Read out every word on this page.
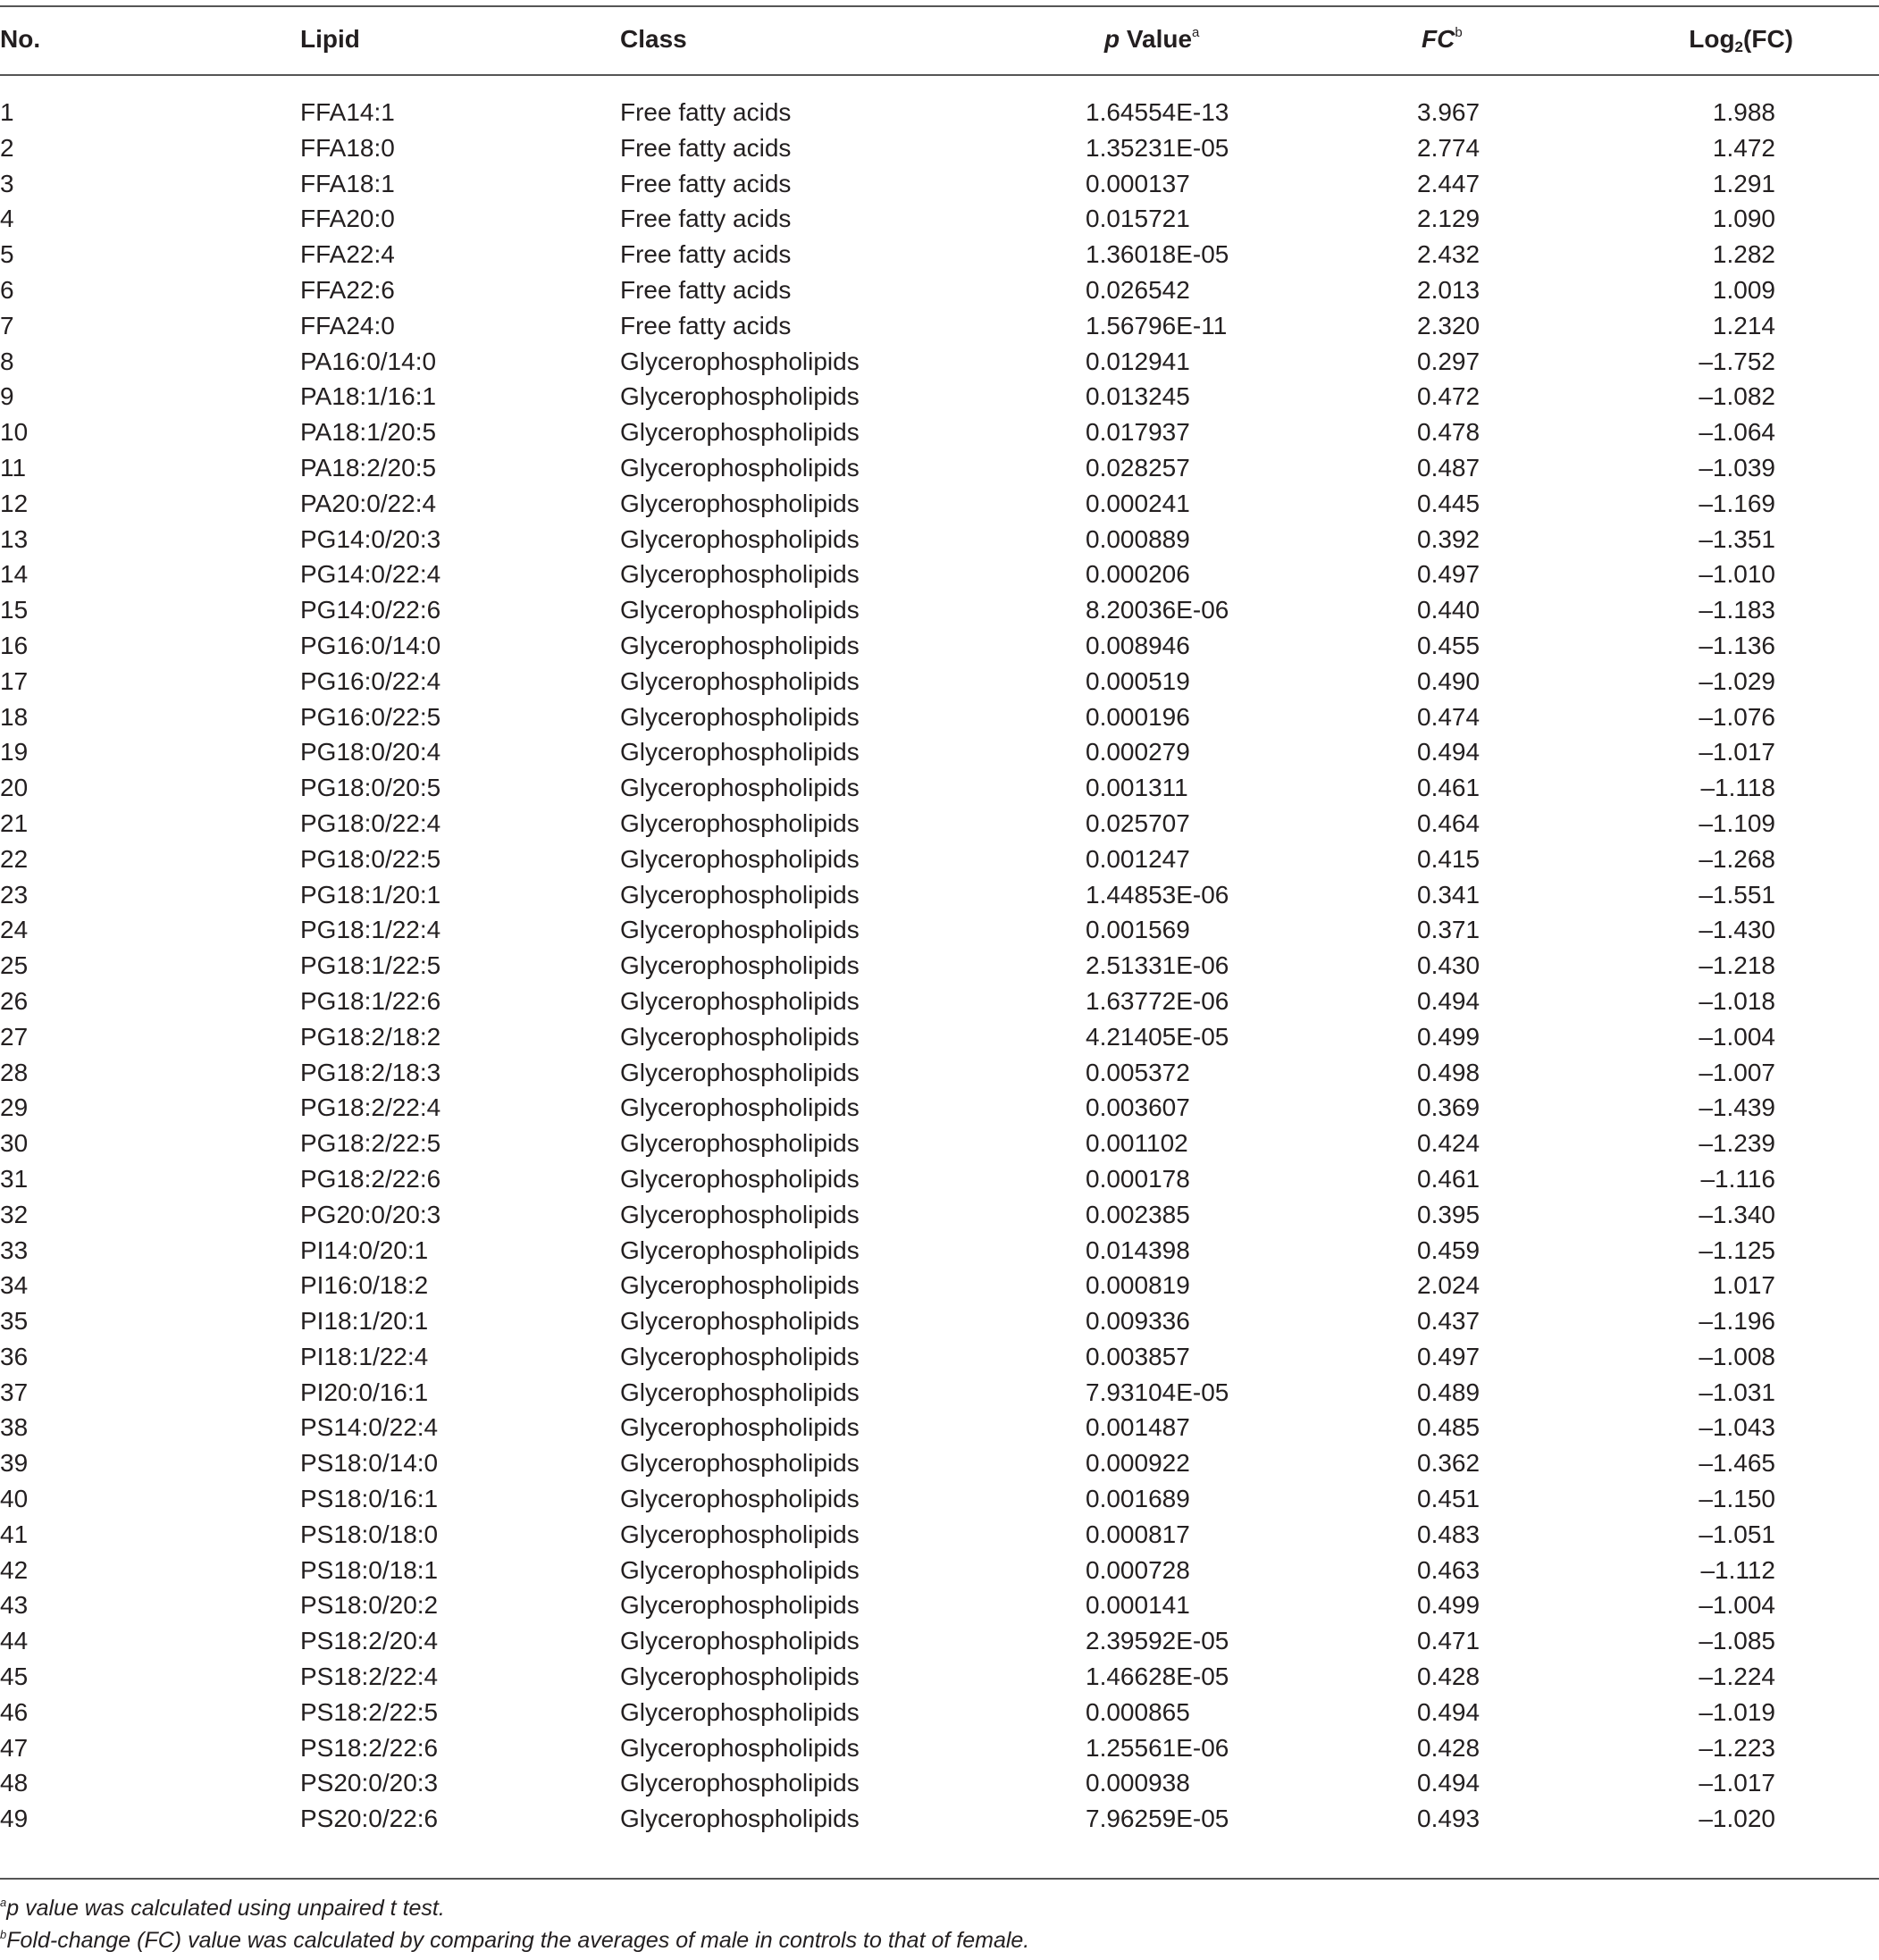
No.	Lipid	Class	p Value$^a$	$FC^b$	Log$_2$(FC)
1	FFA14:1	Free fatty acids	1.64554E-13	3.967	1.988
2	FFA18:0	Free fatty acids	1.35231E-05	2.774	1.472
3	FFA18:1	Free fatty acids	0.000137	2.447	1.291
4	FFA20:0	Free fatty acids	0.015721	2.129	1.090
5	FFA22:4	Free fatty acids	1.36018E-05	2.432	1.282
6	FFA22:6	Free fatty acids	0.026542	2.013	1.009
7	FFA24:0	Free fatty acids	1.56796E-11	2.320	1.214
8	PA16:0/14:0	Glycerophospholipids	0.012941	0.297	–1.752
9	PA18:1/16:1	Glycerophospholipids	0.013245	0.472	–1.082
10	PA18:1/20:5	Glycerophospholipids	0.017937	0.478	–1.064
11	PA18:2/20:5	Glycerophospholipids	0.028257	0.487	–1.039
12	PA20:0/22:4	Glycerophospholipids	0.000241	0.445	–1.169
13	PG14:0/20:3	Glycerophospholipids	0.000889	0.392	–1.351
14	PG14:0/22:4	Glycerophospholipids	0.000206	0.497	–1.010
15	PG14:0/22:6	Glycerophospholipids	8.20036E-06	0.440	–1.183
16	PG16:0/14:0	Glycerophospholipids	0.008946	0.455	–1.136
17	PG16:0/22:4	Glycerophospholipids	0.000519	0.490	–1.029
18	PG16:0/22:5	Glycerophospholipids	0.000196	0.474	–1.076
19	PG18:0/20:4	Glycerophospholipids	0.000279	0.494	–1.017
20	PG18:0/20:5	Glycerophospholipids	0.001311	0.461	–1.118
21	PG18:0/22:4	Glycerophospholipids	0.025707	0.464	–1.109
22	PG18:0/22:5	Glycerophospholipids	0.001247	0.415	–1.268
23	PG18:1/20:1	Glycerophospholipids	1.44853E-06	0.341	–1.551
24	PG18:1/22:4	Glycerophospholipids	0.001569	0.371	–1.430
25	PG18:1/22:5	Glycerophospholipids	2.51331E-06	0.430	–1.218
26	PG18:1/22:6	Glycerophospholipids	1.63772E-06	0.494	–1.018
27	PG18:2/18:2	Glycerophospholipids	4.21405E-05	0.499	–1.004
28	PG18:2/18:3	Glycerophospholipids	0.005372	0.498	–1.007
29	PG18:2/22:4	Glycerophospholipids	0.003607	0.369	–1.439
30	PG18:2/22:5	Glycerophospholipids	0.001102	0.424	–1.239
31	PG18:2/22:6	Glycerophospholipids	0.000178	0.461	–1.116
32	PG20:0/20:3	Glycerophospholipids	0.002385	0.395	–1.340
33	PI14:0/20:1	Glycerophospholipids	0.014398	0.459	–1.125
34	PI16:0/18:2	Glycerophospholipids	0.000819	2.024	1.017
35	PI18:1/20:1	Glycerophospholipids	0.009336	0.437	–1.196
36	PI18:1/22:4	Glycerophospholipids	0.003857	0.497	–1.008
37	PI20:0/16:1	Glycerophospholipids	7.93104E-05	0.489	–1.031
38	PS14:0/22:4	Glycerophospholipids	0.001487	0.485	–1.043
39	PS18:0/14:0	Glycerophospholipids	0.000922	0.362	–1.465
40	PS18:0/16:1	Glycerophospholipids	0.001689	0.451	–1.150
41	PS18:0/18:0	Glycerophospholipids	0.000817	0.483	–1.051
42	PS18:0/18:1	Glycerophospholipids	0.000728	0.463	–1.112
43	PS18:0/20:2	Glycerophospholipids	0.000141	0.499	–1.004
44	PS18:2/20:4	Glycerophospholipids	2.39592E-05	0.471	–1.085
45	PS18:2/22:4	Glycerophospholipids	1.46628E-05	0.428	–1.224
46	PS18:2/22:5	Glycerophospholipids	0.000865	0.494	–1.019
47	PS18:2/22:6	Glycerophospholipids	1.25561E-06	0.428	–1.223
48	PS20:0/20:3	Glycerophospholipids	0.000938	0.494	–1.017
49	PS20:0/22:6	Glycerophospholipids	7.96259E-05	0.493	–1.020
$^a$p value was calculated using unpaired t test.
$^b$Fold-change (FC) value was calculated by comparing the averages of male in controls to that of female.
